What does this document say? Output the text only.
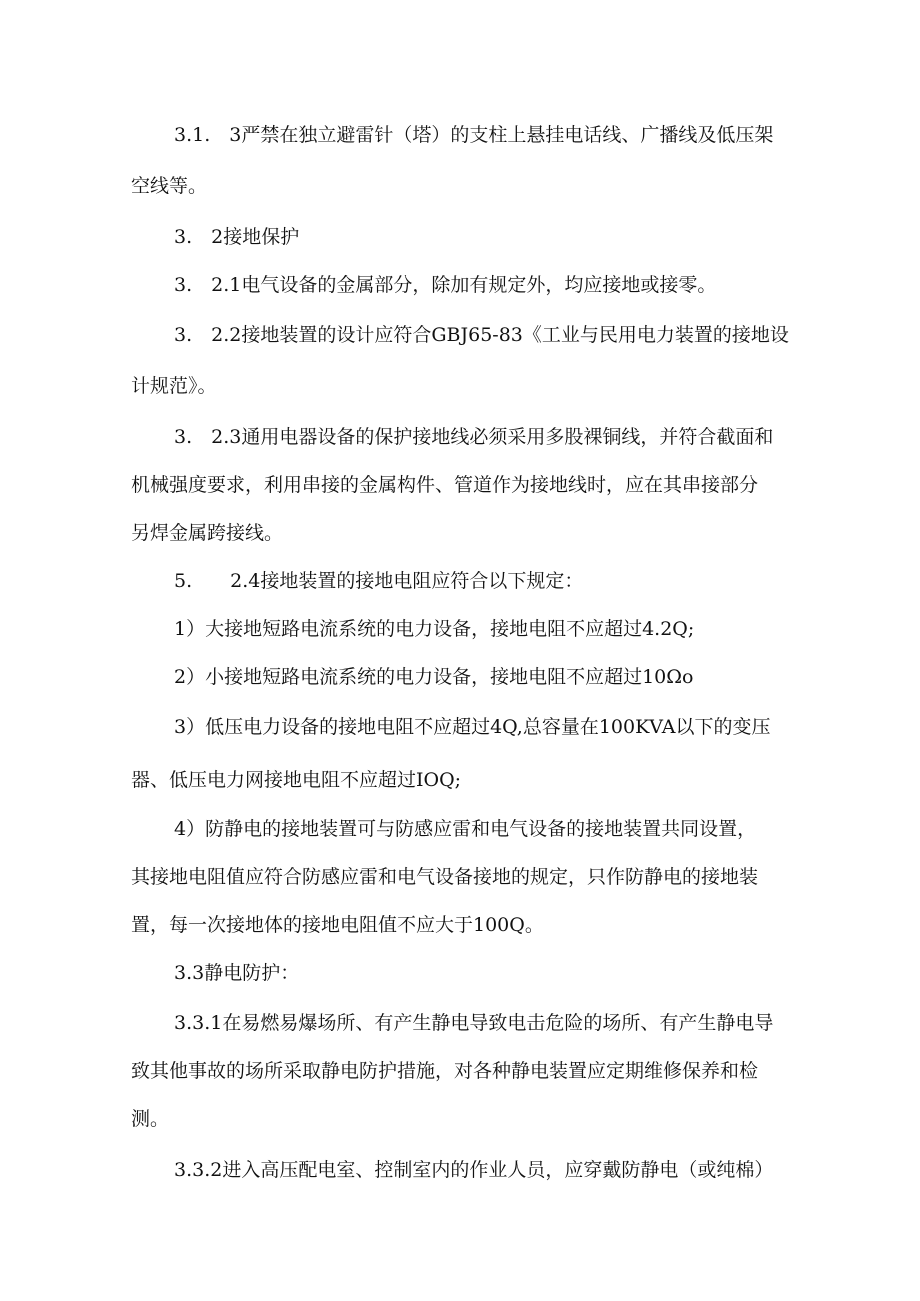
3.1.　3严禁在独立避雷针（塔）的支柱上悬挂电话线、广播线及低压架

空线等。

3.　2接地保护

3.　2.1电气设备的金属部分，除加有规定外，均应接地或接零。

3.　2.2接地装置的设计应符合GBJ65-83《工业与民用电力装置的接地设

计规范》。

3.　2.3通用电器设备的保护接地线必须采用多股裸铜线，并符合截面和

机械强度要求，利用串接的金属构件、管道作为接地线时，应在其串接部分

另焊金属跨接线。

5.　　2.4接地装置的接地电阻应符合以下规定：

1）大接地短路电流系统的电力设备，接地电阻不应超过4.2Q;

2）小接地短路电流系统的电力设备，接地电阻不应超过10Ωo

3）低压电力设备的接地电阻不应超过4Q,总容量在100KVA以下的变压

器、低压电力网接地电阻不应超过IOQ;

4）防静电的接地装置可与防感应雷和电气设备的接地装置共同设置，

其接地电阻值应符合防感应雷和电气设备接地的规定，只作防静电的接地装

置，每一次接地体的接地电阻值不应大于100Q。

3.3静电防护：

3.3.1在易燃易爆场所、有产生静电导致电击危险的场所、有产生静电导

致其他事故的场所采取静电防护措施，对各种静电装置应定期维修保养和检

测。

3.3.2进入高压配电室、控制室内的作业人员，应穿戴防静电（或纯棉）
